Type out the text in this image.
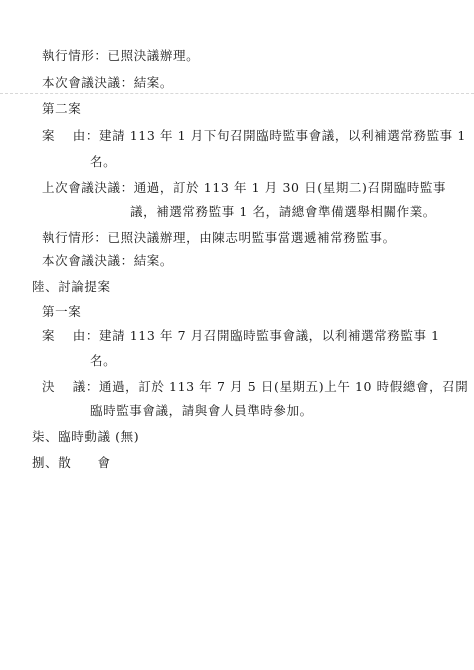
執行情形：已照決議辦理。
本次會議決議：結案。
第二案
案　 由：建請 113 年 1 月下旬召開臨時監事會議，以利補選常務監事 1
名。
上次會議決議：通過，訂於 113 年 1 月 30 日(星期二)召開臨時監事
議，補選常務監事 1 名，請總會準備選舉相關作業。
執行情形：已照決議辦理，由陳志明監事當選遞補常務監事。
本次會議決議：結案。
陸、討論提案
第一案
案　 由：建請 113 年 7 月召開臨時監事會議，以利補選常務監事 1
名。
決　 議：通過，訂於 113 年 7 月 5 日(星期五)上午 10 時假總會，召開
臨時監事會議，請與會人員準時參加。
柒、臨時動議 (無)
捌、散　　會
